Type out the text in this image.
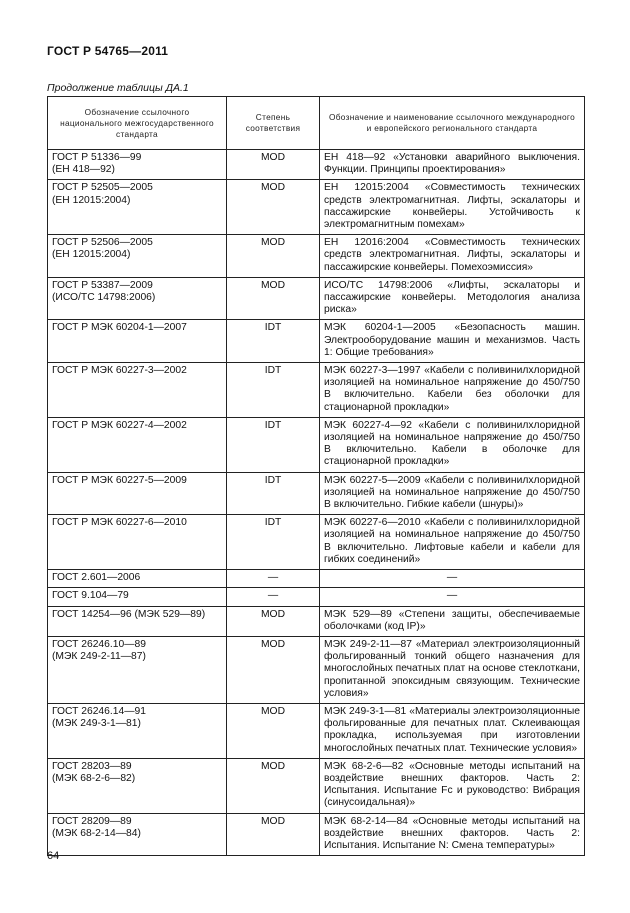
ГОСТ Р 54765—2011
Продолжение таблицы ДА.1
Обозначение ссылочного национального межгосударственного стандарта	Степень соответствия	Обозначение и наименование ссылочного международного и европейского регионального стандарта
ГОСТ Р 51336—99
(ЕН 418—92)	MOD	ЕН 418—92 «Установки аварийного выключения. Функции. Принципы проектирования»
ГОСТ Р 52505—2005
(ЕН 12015:2004)	MOD	ЕН 12015:2004 «Совместимость технических средств электромагнитная. Лифты, эскалаторы и пассажирские конвейеры. Устойчивость к электромагнитным помехам»
ГОСТ Р 52506—2005
(ЕН 12015:2004)	MOD	ЕН 12016:2004 «Совместимость технических средств электромагнитная. Лифты, эскалаторы и пассажирские конвейеры. Помехоэмиссия»
ГОСТ Р 53387—2009
(ИСО/ТС 14798:2006)	MOD	ИСО/ТС 14798:2006 «Лифты, эскалаторы и пассажирские конвейеры. Методология анализа риска»
ГОСТ Р МЭК 60204-1—2007	IDT	МЭК 60204-1—2005 «Безопасность машин. Электрооборудование машин и механизмов. Часть 1: Общие требования»
ГОСТ Р МЭК 60227-3—2002	IDT	МЭК 60227-3—1997 «Кабели с поливинилхлоридной изоляцией на номинальное напряжение до 450/750 В включительно. Кабели без оболочки для стационарной прокладки»
ГОСТ Р МЭК 60227-4—2002	IDT	МЭК 60227-4—92 «Кабели с поливинилхлоридной изоляцией на номинальное напряжение до 450/750 В включительно. Кабели в оболочке для стационарной прокладки»
ГОСТ Р МЭК 60227-5—2009	IDT	МЭК 60227-5—2009 «Кабели с поливинилхлоридной изоляцией на номинальное напряжение до 450/750 В включительно. Гибкие кабели (шнуры)»
ГОСТ Р МЭК 60227-6—2010	IDT	МЭК 60227-6—2010 «Кабели с поливинилхлоридной изоляцией на номинальное напряжение до 450/750 В включительно. Лифтовые кабели и кабели для гибких соединений»
ГОСТ 2.601—2006	—	—
ГОСТ 9.104—79	—	—
ГОСТ 14254—96 (МЭК 529—89)	MOD	МЭК 529—89 «Степени защиты, обеспечиваемые оболочками (код IP)»
ГОСТ 26246.10—89
(МЭК 249-2-11—87)	MOD	МЭК 249-2-11—87 «Материал электроизоляционный фольгированный тонкий общего назначения для многослойных печатных плат на основе стеклоткани, пропитанной эпоксидным связующим. Технические условия»
ГОСТ 26246.14—91
(МЭК 249-3-1—81)	MOD	МЭК 249-3-1—81 «Материалы электроизоляционные фольгированные для печатных плат. Склеивающая прокладка, используемая при изготовлении многослойных печатных плат. Технические условия»
ГОСТ 28203—89
(МЭК 68-2-6—82)	MOD	МЭК 68-2-6—82 «Основные методы испытаний на воздействие внешних факторов. Часть 2: Испытания. Испытание Fc и руководство: Вибрация (синусоидальная)»
ГОСТ 28209—89
(МЭК 68-2-14—84)	MOD	МЭК 68-2-14—84 «Основные методы испытаний на воздействие внешних факторов. Часть 2: Испытания. Испытание N: Смена температуры»
64
